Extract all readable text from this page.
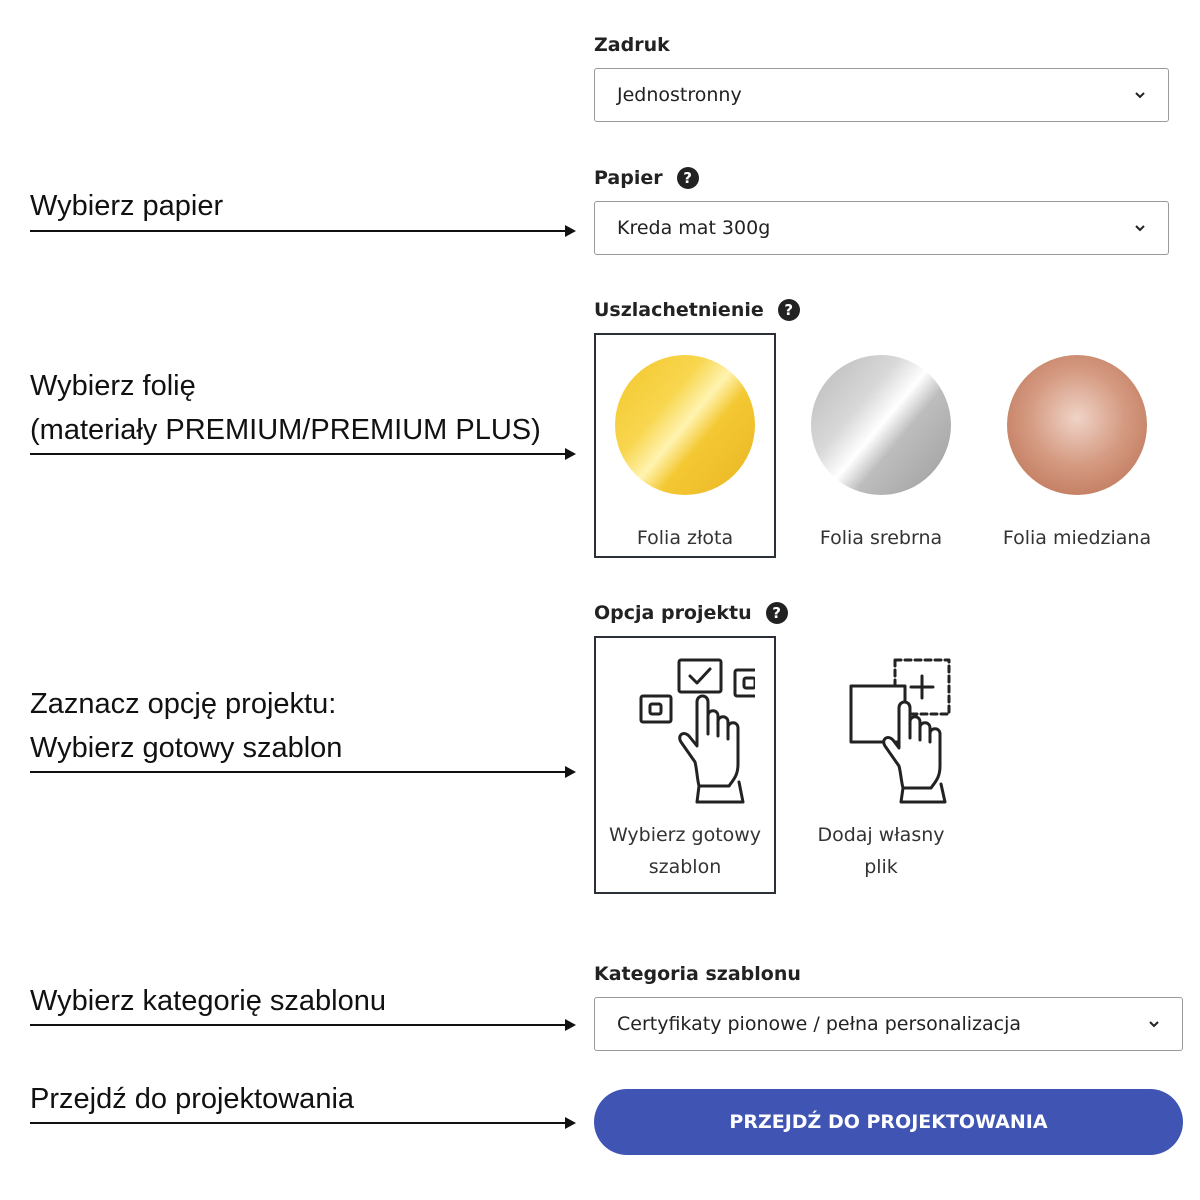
Wybierz papier
Wybierz folię
(materiały PREMIUM/PREMIUM PLUS)
Zaznacz opcję projektu:
Wybierz gotowy szablon
Wybierz kategorię szablonu
Przejdź do projektowania
Zadruk
Jednostronny
Papier	?
Kreda mat 300g
Uszlachetnienie	?
Folia złota	Folia srebrna	Folia miedziana
Opcja projektu	?
Wybierz gotowy
szablon
Dodaj własny
plik
Kategoria szablonu
Certyfikaty pionowe / pełna personalizacja
PRZEJDŹ DO PROJEKTOWANIA
